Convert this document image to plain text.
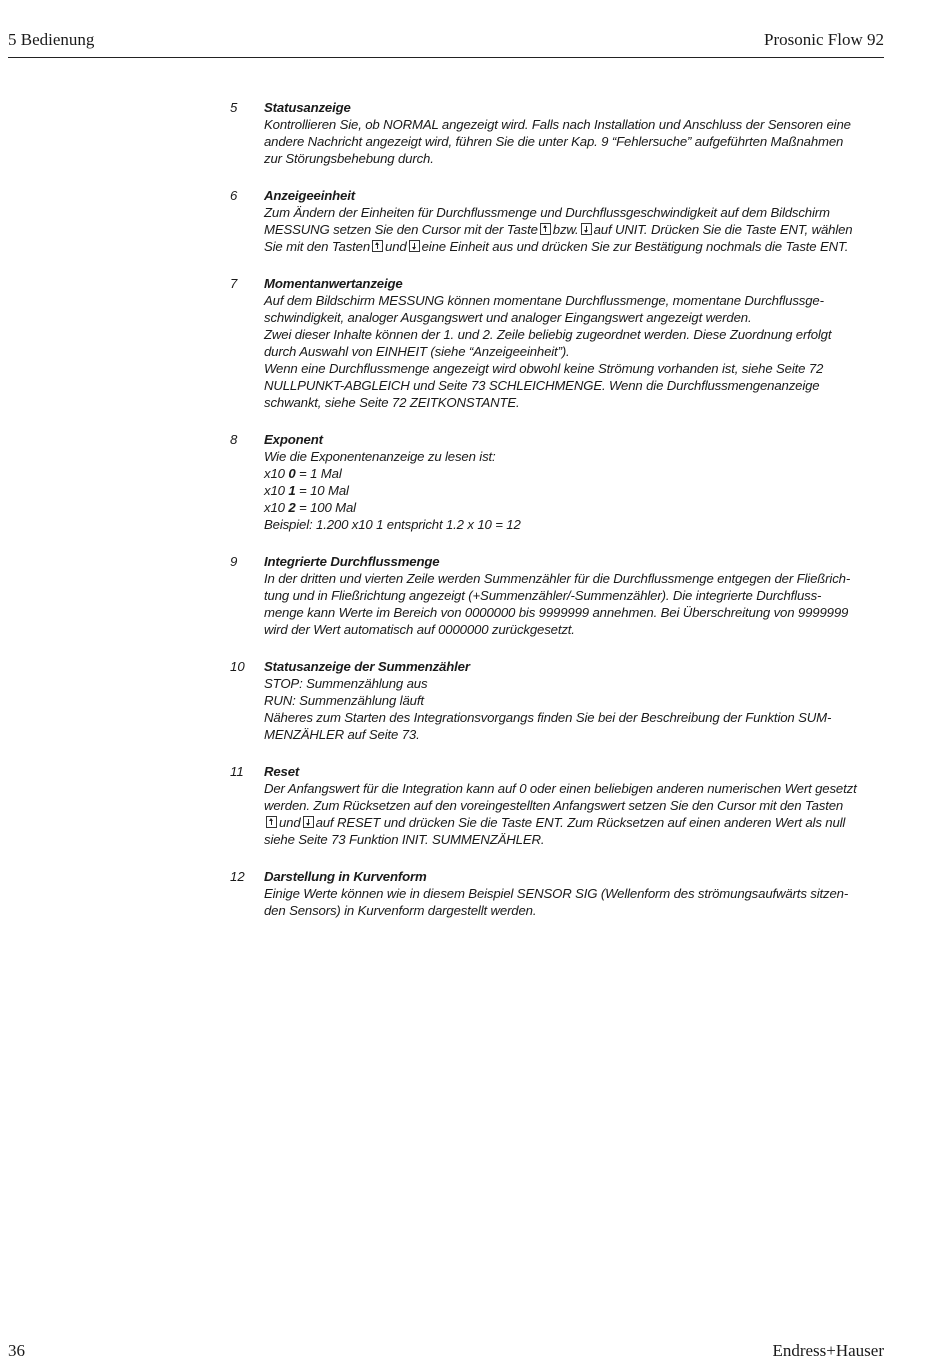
5 Bedienung	Prosonic Flow 92
5	Statusanzeige
Kontrollieren Sie, ob NORMAL angezeigt wird. Falls nach Installation und Anschluss der Sensoren eine
andere Nachricht angezeigt wird, führen Sie die unter Kap. 9 “Fehlersuche” aufgeführten Maßnahmen
zur Störungsbehebung durch.
6	Anzeigeeinheit
Zum Ändern der Einheiten für Durchflussmenge und Durchflussgeschwindigkeit auf dem Bildschirm
MESSUNG setzen Sie den Cursor mit der Taste bzw. auf UNIT. Drücken Sie die Taste ENT, wählen
Sie mit den Tasten und eine Einheit aus und drücken Sie zur Bestätigung nochmals die Taste ENT.
7	Momentanwertanzeige
Auf dem Bildschirm MESSUNG können momentane Durchflussmenge, momentane Durchflussge-
schwindigkeit, analoger Ausgangswert und analoger Eingangswert angezeigt werden.
Zwei dieser Inhalte können der 1. und 2. Zeile beliebig zugeordnet werden. Diese Zuordnung erfolgt
durch Auswahl von EINHEIT (siehe “Anzeigeeinheit”).
Wenn eine Durchflussmenge angezeigt wird obwohl keine Strömung vorhanden ist, siehe Seite 72
NULLPUNKT-ABGLEICH und Seite 73 SCHLEICHMENGE. Wenn die Durchflussmengenanzeige
schwankt, siehe Seite 72 ZEITKONSTANTE.
8	Exponent
Wie die Exponentenanzeige zu lesen ist:
x10 0 = 1 Mal
x10 1 = 10 Mal
x10 2 = 100 Mal
Beispiel: 1.200 x10 1 entspricht 1.2 x 10 = 12
9	Integrierte Durchflussmenge
In der dritten und vierten Zeile werden Summenzähler für die Durchflussmenge entgegen der Fließrich-
tung und in Fließrichtung angezeigt (+Summenzähler/-Summenzähler). Die integrierte Durchfluss-
menge kann Werte im Bereich von 0000000 bis 9999999 annehmen. Bei Überschreitung von 9999999
wird der Wert automatisch auf 0000000 zurückgesetzt.
10	Statusanzeige der Summenzähler
STOP: Summenzählung aus
RUN: Summenzählung läuft
Näheres zum Starten des Integrationsvorgangs finden Sie bei der Beschreibung der Funktion SUM-
MENZÄHLER auf Seite 73.
11	Reset
Der Anfangswert für die Integration kann auf 0 oder einen beliebigen anderen numerischen Wert gesetzt
werden. Zum Rücksetzen auf den voreingestellten Anfangswert setzen Sie den Cursor mit den Tasten
und auf RESET und drücken Sie die Taste ENT. Zum Rücksetzen auf einen anderen Wert als null
siehe Seite 73 Funktion INIT. SUMMENZÄHLER.
12	Darstellung in Kurvenform
Einige Werte können wie in diesem Beispiel SENSOR SIG (Wellenform des strömungsaufwärts sitzen-
den Sensors) in Kurvenform dargestellt werden.
36	Endress+Hauser
